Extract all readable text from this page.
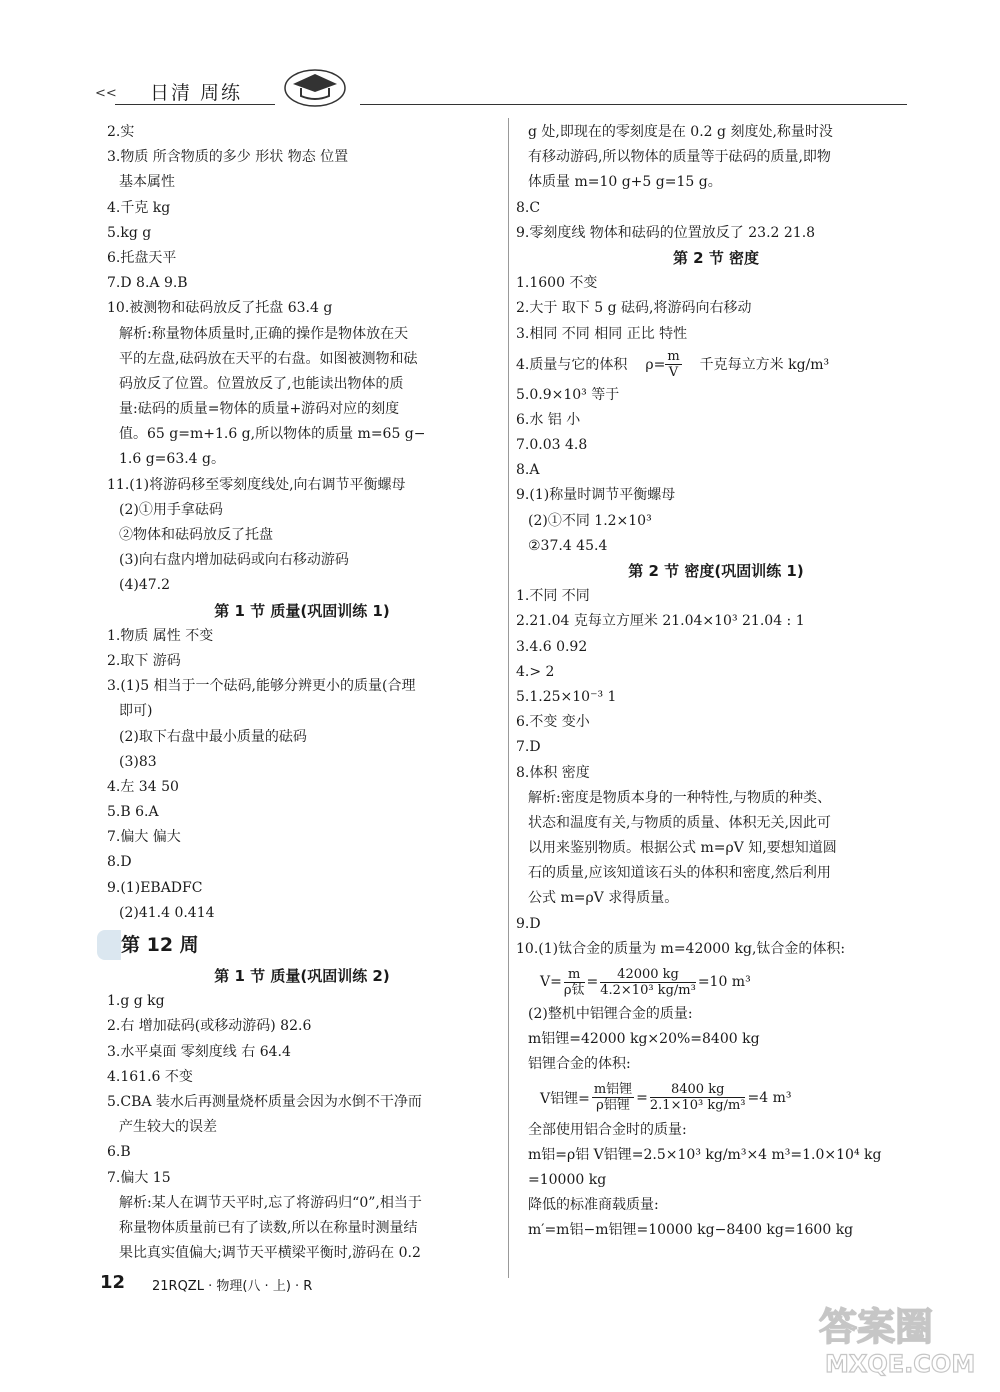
<< 日清 周练
2.实
3.物质 所含物质的多少 形状 物态 位置
基本属性
4.千克 kg
5.kg g
6.托盘天平
7.D 8.A 9.B
10.被测物和砝码放反了托盘 63.4 g
解析:称量物体质量时,正确的操作是物体放在天
平的左盘,砝码放在天平的右盘。如图被测物和砝
码放反了位置。位置放反了,也能读出物体的质
量:砝码的质量=物体的质量+游码对应的刻度
值。65 g=m+1.6 g,所以物体的质量 m=65 g−
1.6 g=63.4 g。
11.(1)将游码移至零刻度线处,向右调节平衡螺母
(2)①用手拿砝码
②物体和砝码放反了托盘
(3)向右盘内增加砝码或向右移动游码
(4)47.2
第 1 节 质量(巩固训练 1)
1.物质 属性 不变
2.取下 游码
3.(1)5 相当于一个砝码,能够分辨更小的质量(合理
即可)
(2)取下右盘中最小质量的砝码
(3)83
4.左 34 50
5.B 6.A
7.偏大 偏大
8.D
9.(1)EBADFC
(2)41.4 0.414
第 12 周
第 1 节 质量(巩固训练 2)
1.g g kg
2.右 增加砝码(或移动游码) 82.6
3.水平桌面 零刻度线 右 64.4
4.161.6 不变
5.CBA 装水后再测量烧杯质量会因为水倒不干净而
产生较大的误差
6.B
7.偏大 15
解析:某人在调节天平时,忘了将游码归“0”,相当于
称量物体质量前已有了读数,所以在称量时测量结
果比真实值偏大;调节天平横梁平衡时,游码在 0.2
g 处,即现在的零刻度是在 0.2 g 刻度处,称量时没
有移动游码,所以物体的质量等于砝码的质量,即物
体质量 m=10 g+5 g=15 g。
8.C
9.零刻度线 物体和砝码的位置放反了 23.2 21.8
第 2 节 密度
1.1600 不变
2.大于 取下 5 g 砝码,将游码向右移动
3.相同 不同 相同 正比 特性
4.质量与它的体积 $\rho= \frac{m}{V}$ 千克每立方米 kg/m³
5.0.9×10³ 等于
6.水 铝 小
7.0.03 4.8
8.A
9.(1)称量时调节平衡螺母
(2)①不同 1.2×10³
②37.4 45.4
第 2 节 密度(巩固训练 1)
1.不同 不同
2.21.04 克每立方厘米 21.04×10³ 21.04 : 1
3.4.6 0.92
4.> 2
5.1.25×10⁻³ 1
6.不变 变小
7.D
8.体积 密度
解析:密度是物质本身的一种特性,与物质的种类、
状态和温度有关,与物质的质量、体积无关,因此可
以用来鉴别物质。根据公式 m=ρV 知,要想知道圆
石的质量,应该知道该石头的体积和密度,然后利用
公式 m=ρV 求得质量。
9.D
10.(1)钛合金的质量为 m=42000 kg,钛合金的体积:
$V= \frac{m}{\text{ρ钛}} = \frac{42000 kg}{\text{4.2×10³ kg/m³}} =10$ m³
(2)整机中铝锂合金的质量:
m铝锂=42000 kg×20%=8400 kg
铝锂合金的体积:
V铝锂= $\frac{\text{m铝锂}}{\text{ρ铝锂}} = \frac{8400 kg}{\text{2.1×10³ kg/m³}} =4$ m³
全部使用铝合金时的质量:
m铝=ρ铝 V铝锂=2.5×10³ kg/m³×4 m³=1.0×10⁴ kg
=10000 kg
降低的标准商载质量:
m′=m铝−m铝锂=10000 kg−8400 kg=1600 kg
12 21RQZL · 物理(八 · 上) · R
答案圈
MXQE.COM
